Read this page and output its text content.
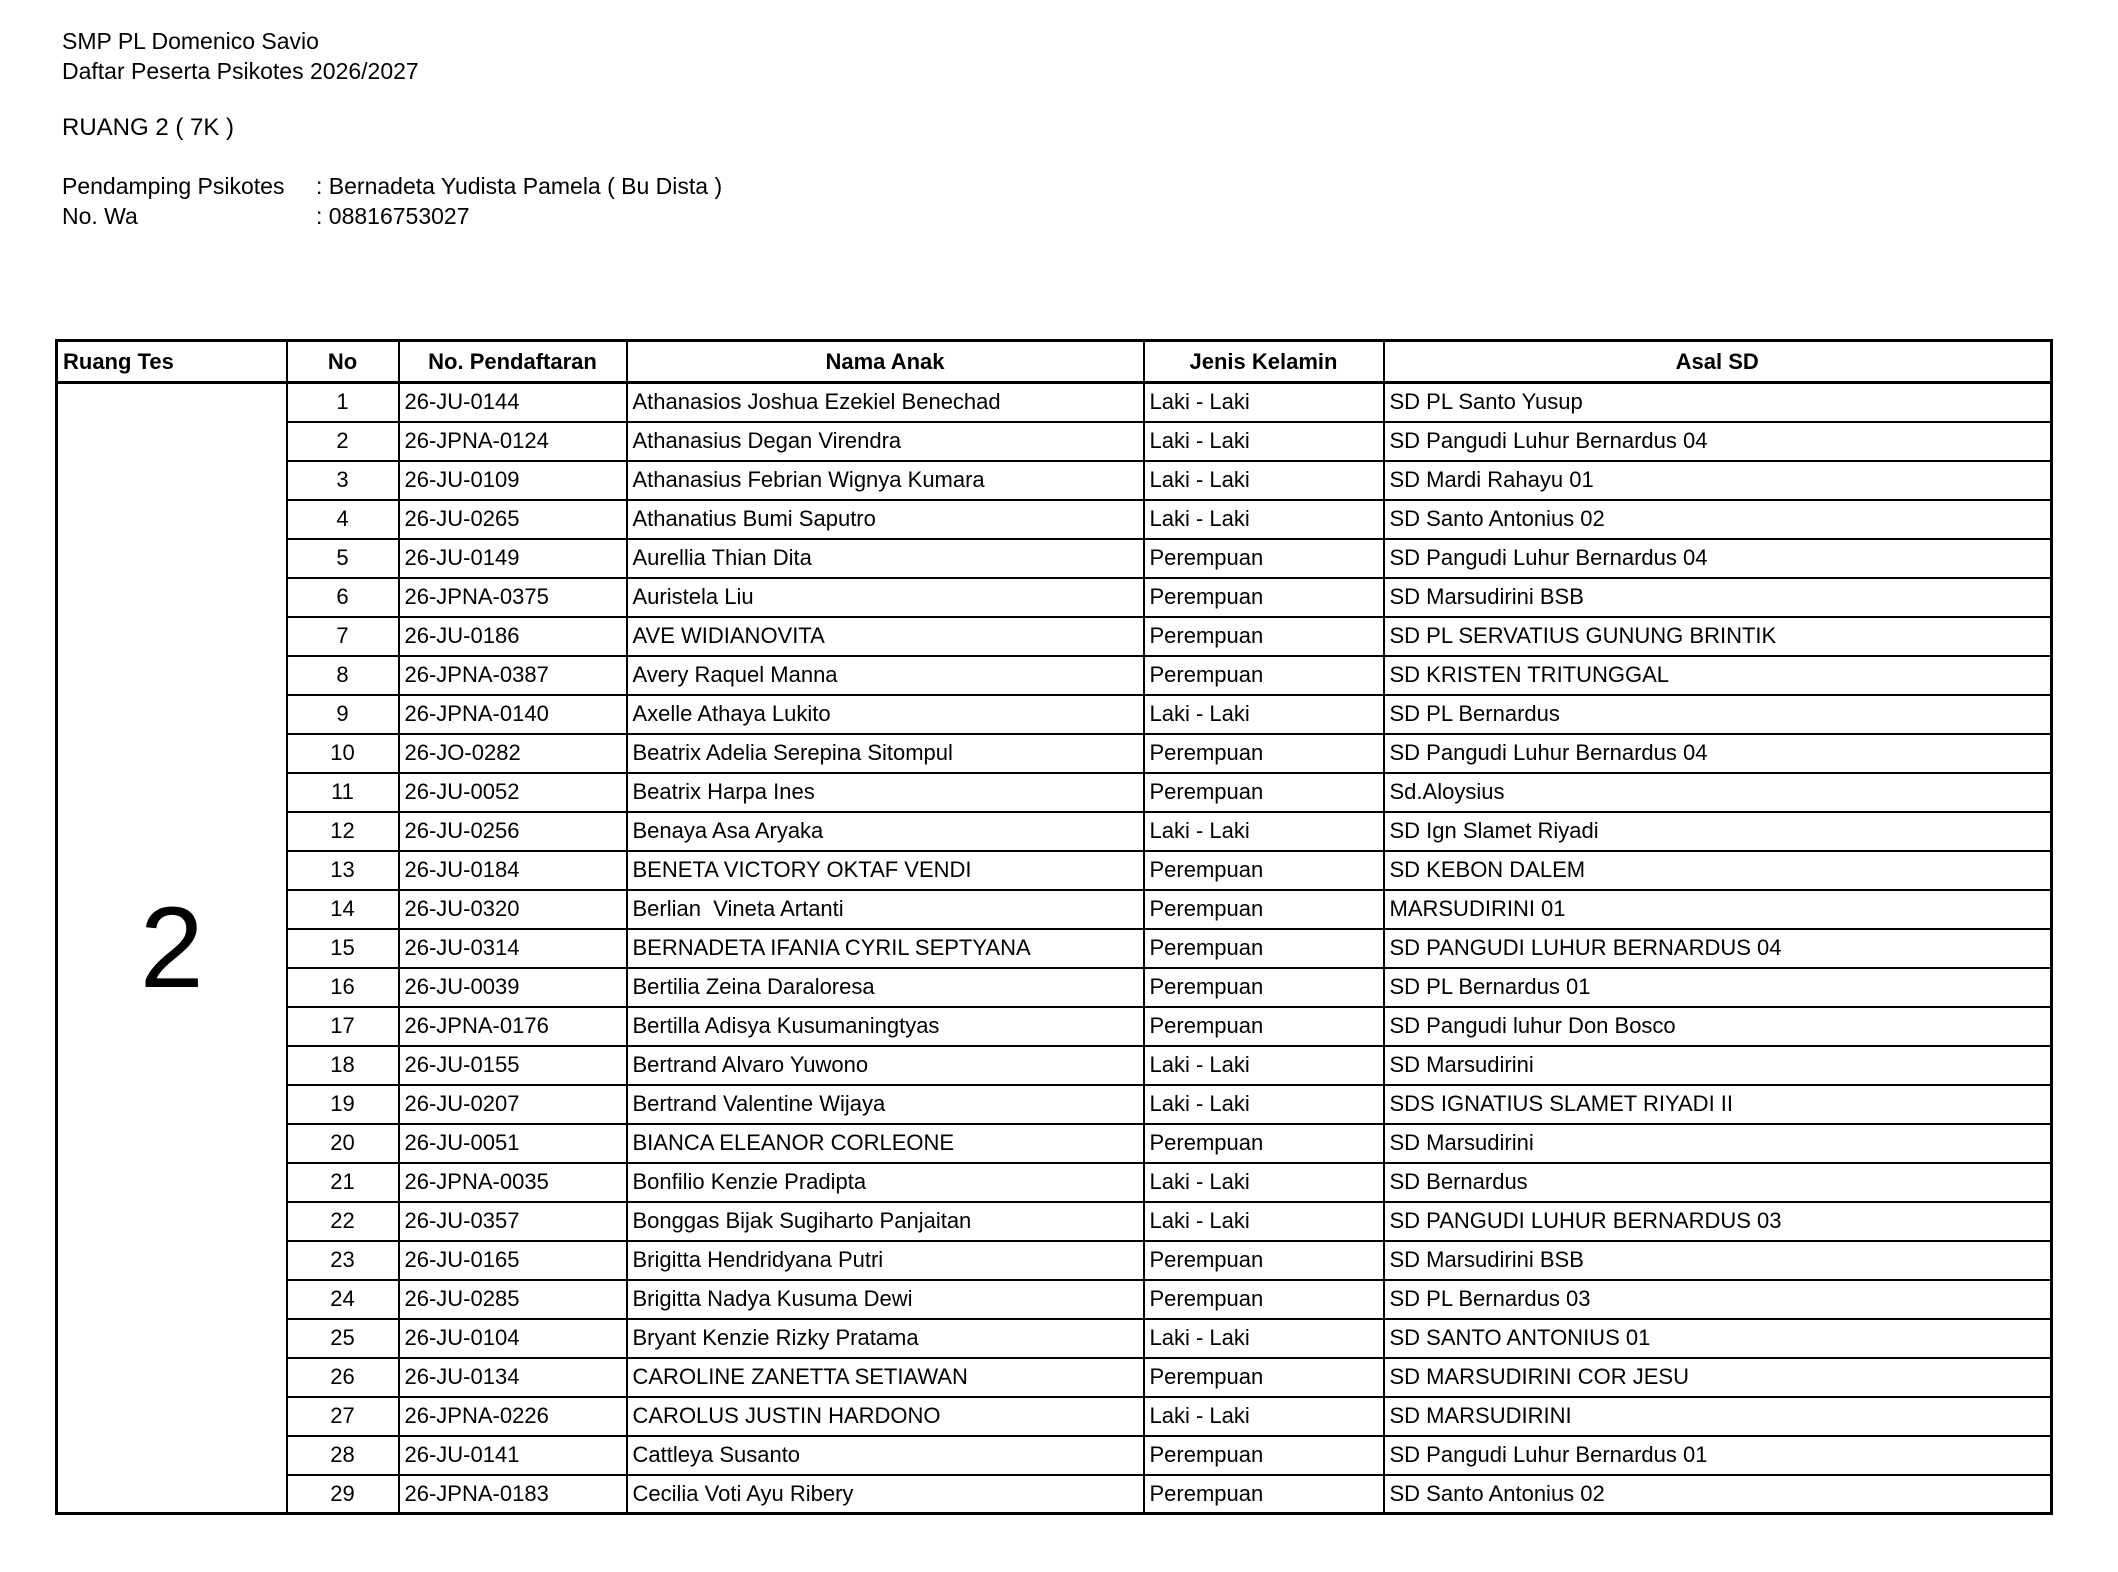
SMP PL Domenico Savio
Daftar Peserta Psikotes 2026/2027
RUANG 2 ( 7K )
Pendamping Psikotes	: Bernadeta Yudista Pamela ( Bu Dista )
No. Wa	: 08816753027
Ruang Tes	No	No. Pendaftaran	Nama Anak	Jenis Kelamin	Asal SD
2	1	26-JU-0144	Athanasios Joshua Ezekiel Benechad	Laki - Laki	SD PL Santo Yusup
	2	26-JPNA-0124	Athanasius Degan Virendra	Laki - Laki	SD Pangudi Luhur Bernardus 04
	3	26-JU-0109	Athanasius Febrian Wignya Kumara	Laki - Laki	SD Mardi Rahayu 01
	4	26-JU-0265	Athanatius Bumi Saputro	Laki - Laki	SD Santo Antonius 02
	5	26-JU-0149	Aurellia Thian Dita	Perempuan	SD Pangudi Luhur Bernardus 04
	6	26-JPNA-0375	Auristela Liu	Perempuan	SD Marsudirini BSB
	7	26-JU-0186	AVE WIDIANOVITA	Perempuan	SD PL SERVATIUS GUNUNG BRINTIK
	8	26-JPNA-0387	Avery Raquel Manna	Perempuan	SD KRISTEN TRITUNGGAL
	9	26-JPNA-0140	Axelle Athaya Lukito	Laki - Laki	SD PL Bernardus
	10	26-JO-0282	Beatrix Adelia Serepina Sitompul	Perempuan	SD Pangudi Luhur Bernardus 04
	11	26-JU-0052	Beatrix Harpa Ines	Perempuan	Sd.Aloysius
	12	26-JU-0256	Benaya Asa Aryaka	Laki - Laki	SD Ign Slamet Riyadi
	13	26-JU-0184	BENETA VICTORY OKTAF VENDI	Perempuan	SD KEBON DALEM
	14	26-JU-0320	Berlian  Vineta Artanti	Perempuan	MARSUDIRINI 01
	15	26-JU-0314	BERNADETA IFANIA CYRIL SEPTYANA	Perempuan	SD PANGUDI LUHUR BERNARDUS 04
	16	26-JU-0039	Bertilia Zeina Daraloresa	Perempuan	SD PL Bernardus 01
	17	26-JPNA-0176	Bertilla Adisya Kusumaningtyas	Perempuan	SD Pangudi luhur Don Bosco
	18	26-JU-0155	Bertrand Alvaro Yuwono	Laki - Laki	SD Marsudirini
	19	26-JU-0207	Bertrand Valentine Wijaya	Laki - Laki	SDS IGNATIUS SLAMET RIYADI II
	20	26-JU-0051	BIANCA ELEANOR CORLEONE	Perempuan	SD Marsudirini
	21	26-JPNA-0035	Bonfilio Kenzie Pradipta	Laki - Laki	SD Bernardus
	22	26-JU-0357	Bonggas Bijak Sugiharto Panjaitan	Laki - Laki	SD PANGUDI LUHUR BERNARDUS 03
	23	26-JU-0165	Brigitta Hendridyana Putri	Perempuan	SD Marsudirini BSB
	24	26-JU-0285	Brigitta Nadya Kusuma Dewi	Perempuan	SD PL Bernardus 03
	25	26-JU-0104	Bryant Kenzie Rizky Pratama	Laki - Laki	SD SANTO ANTONIUS 01
	26	26-JU-0134	CAROLINE ZANETTA SETIAWAN	Perempuan	SD MARSUDIRINI COR JESU
	27	26-JPNA-0226	CAROLUS JUSTIN HARDONO	Laki - Laki	SD MARSUDIRINI
	28	26-JU-0141	Cattleya Susanto	Perempuan	SD Pangudi Luhur Bernardus 01
	29	26-JPNA-0183	Cecilia Voti Ayu Ribery	Perempuan	SD Santo Antonius 02
